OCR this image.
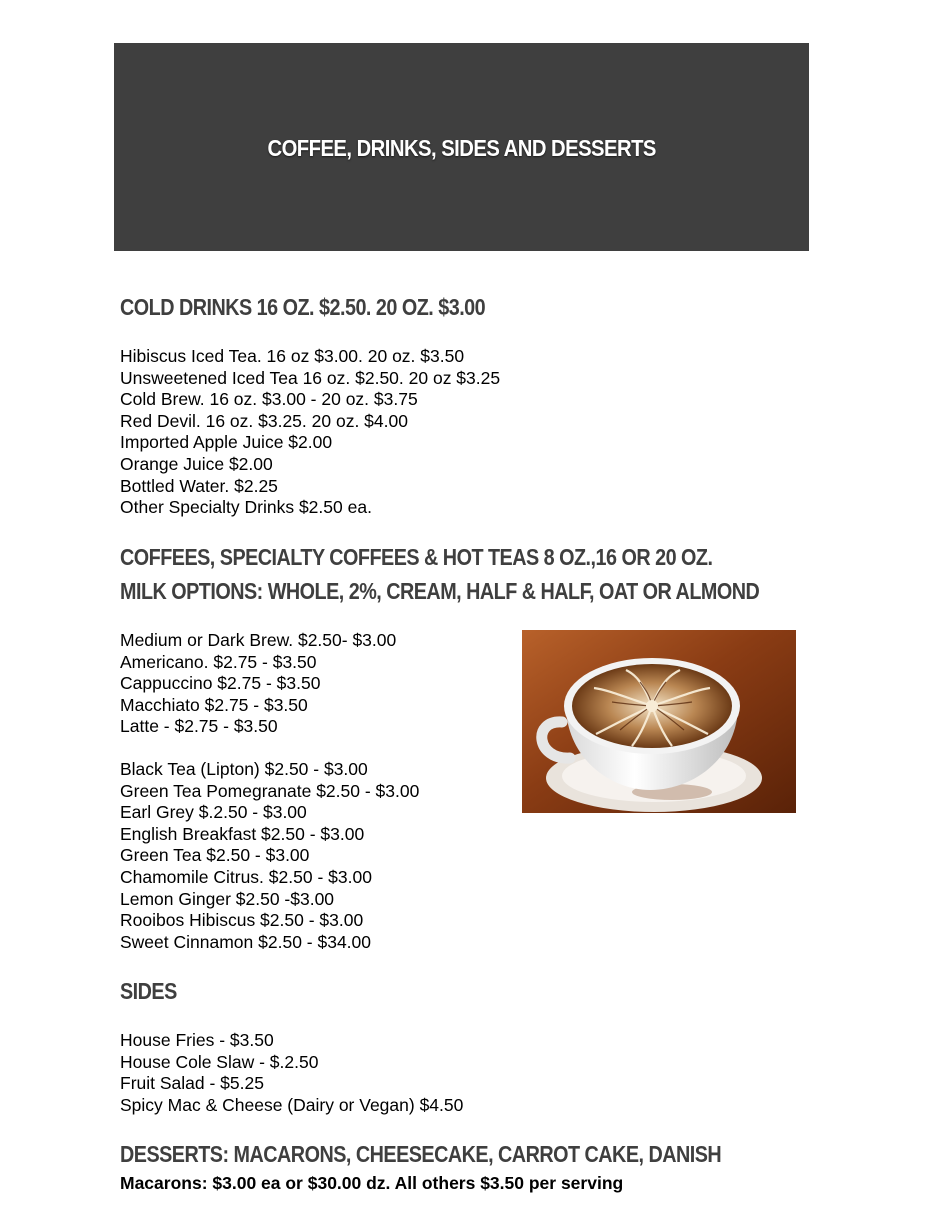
COFFEE, DRINKS, SIDES AND DESSERTS
COLD DRINKS 16 OZ. $2.50. 20 OZ. $3.00
Hibiscus Iced Tea. 16 oz $3.00. 20 oz. $3.50
Unsweetened Iced Tea 16 oz. $2.50. 20 oz $3.25
Cold Brew. 16 oz. $3.00 - 20 oz. $3.75
Red Devil. 16 oz. $3.25. 20 oz. $4.00
Imported Apple Juice $2.00
Orange Juice $2.00
Bottled Water. $2.25
Other Specialty Drinks $2.50 ea.
COFFEES, SPECIALTY COFFEES & HOT TEAS 8 OZ.,16 OR 20 OZ.
MILK OPTIONS: WHOLE, 2%, CREAM, HALF & HALF, OAT OR ALMOND
Medium or Dark Brew. $2.50- $3.00
Americano. $2.75 - $3.50
Cappuccino $2.75 - $3.50
Macchiato $2.75 - $3.50
Latte - $2.75 - $3.50
Black Tea (Lipton) $2.50 - $3.00
Green Tea Pomegranate $2.50 - $3.00
Earl Grey $.2.50 - $3.00
English Breakfast $2.50 - $3.00
Green Tea $2.50 - $3.00
Chamomile Citrus. $2.50 - $3.00
Lemon Ginger $2.50 -$3.00
Rooibos Hibiscus $2.50 - $3.00
Sweet Cinnamon $2.50 - $34.00
SIDES
House Fries - $3.50
House Cole Slaw - $.2.50
Fruit Salad - $5.25
Spicy Mac & Cheese (Dairy or Vegan) $4.50
DESSERTS: MACARONS, CHEESECAKE, CARROT CAKE, DANISH

Macarons: $3.00 ea or $30.00 dz. All others $3.50 per serving
